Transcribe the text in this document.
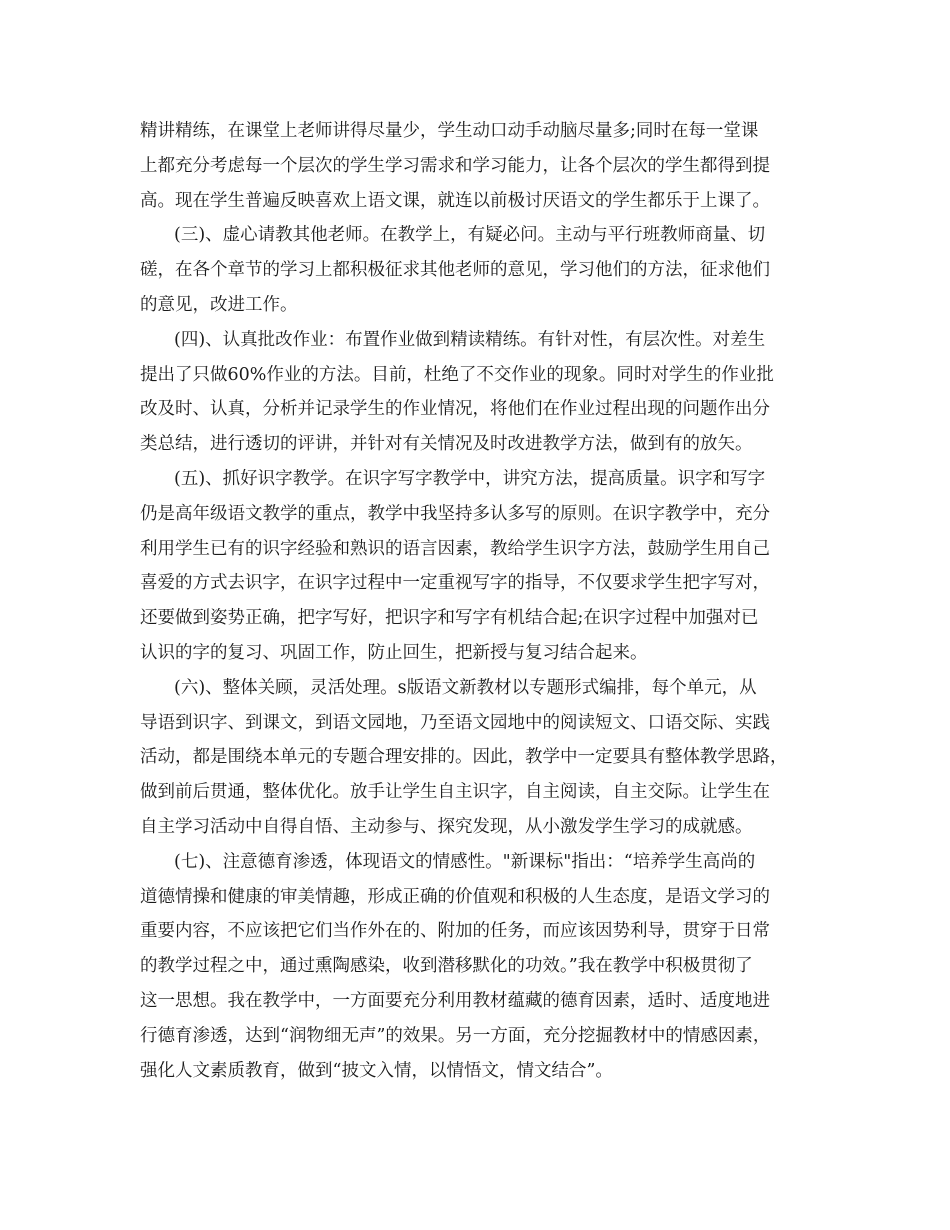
精讲精练，在课堂上老师讲得尽量少，学生动口动手动脑尽量多;同时在每一堂课
上都充分考虑每一个层次的学生学习需求和学习能力，让各个层次的学生都得到提
高。现在学生普遍反映喜欢上语文课，就连以前极讨厌语文的学生都乐于上课了。
(三)、虚心请教其他老师。在教学上，有疑必问。主动与平行班教师商量、切
磋，在各个章节的学习上都积极征求其他老师的意见，学习他们的方法，征求他们
的意见，改进工作。
(四)、认真批改作业：布置作业做到精读精练。有针对性，有层次性。对差生
提出了只做60%作业的方法。目前，杜绝了不交作业的现象。同时对学生的作业批
改及时、认真，分析并记录学生的作业情况，将他们在作业过程出现的问题作出分
类总结，进行透切的评讲，并针对有关情况及时改进教学方法，做到有的放矢。
(五)、抓好识字教学。在识字写字教学中，讲究方法，提高质量。识字和写字
仍是高年级语文教学的重点，教学中我坚持多认多写的原则。在识字教学中，充分
利用学生已有的识字经验和熟识的语言因素，教给学生识字方法，鼓励学生用自己
喜爱的方式去识字，在识字过程中一定重视写字的指导，不仅要求学生把字写对，
还要做到姿势正确，把字写好，把识字和写字有机结合起;在识字过程中加强对已
认识的字的复习、巩固工作，防止回生，把新授与复习结合起来。
(六)、整体关顾，灵活处理。s版语文新教材以专题形式编排，每个单元，从
导语到识字、到课文，到语文园地，乃至语文园地中的阅读短文、口语交际、实践
活动，都是围绕本单元的专题合理安排的。因此，教学中一定要具有整体教学思路，
做到前后贯通，整体优化。放手让学生自主识字，自主阅读，自主交际。让学生在
自主学习活动中自得自悟、主动参与、探究发现，从小激发学生学习的成就感。
(七)、注意德育渗透，体现语文的情感性。"新课标"指出：“培养学生高尚的
道德情操和健康的审美情趣，形成正确的价值观和积极的人生态度，是语文学习的
重要内容，不应该把它们当作外在的、附加的任务，而应该因势利导，贯穿于日常
的教学过程之中，通过熏陶感染，收到潜移默化的功效。”我在教学中积极贯彻了
这一思想。我在教学中，一方面要充分利用教材蕴藏的德育因素，适时、适度地进
行德育渗透，达到“润物细无声”的效果。另一方面，充分挖掘教材中的情感因素，
强化人文素质教育，做到“披文入情，以情悟文，情文结合”。
